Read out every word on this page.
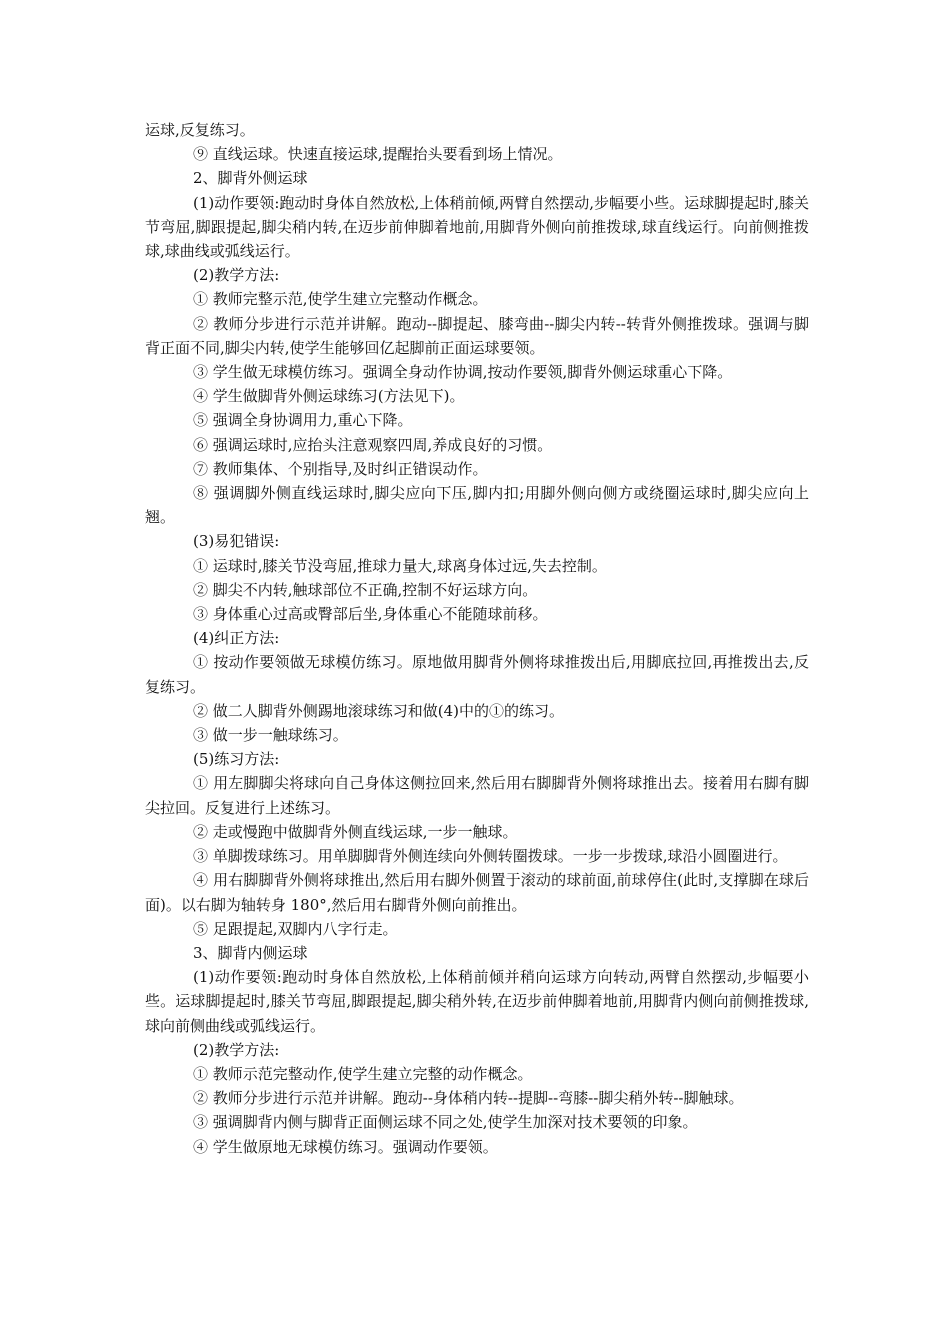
运球,反复练习。

⑨ 直线运球。快速直接运球,提醒抬头要看到场上情况。

2、脚背外侧运球

(1)动作要领:跑动时身体自然放松,上体稍前倾,两臂自然摆动,步幅要小些。运球脚提起时,膝关节弯屈,脚跟提起,脚尖稍内转,在迈步前伸脚着地前,用脚背外侧向前推拨球,球直线运行。向前侧推拨球,球曲线或弧线运行。

(2)教学方法:

① 教师完整示范,使学生建立完整动作概念。

② 教师分步进行示范并讲解。跑动--脚提起、膝弯曲--脚尖内转--转背外侧推拨球。强调与脚背正面不同,脚尖内转,使学生能够回亿起脚前正面运球要领。

③ 学生做无球模仿练习。强调全身动作协调,按动作要领,脚背外侧运球重心下降。

④ 学生做脚背外侧运球练习(方法见下)。

⑤ 强调全身协调用力,重心下降。

⑥ 强调运球时,应抬头注意观察四周,养成良好的习惯。

⑦ 教师集体、个别指导,及时纠正错误动作。

⑧ 强调脚外侧直线运球时,脚尖应向下压,脚内扣;用脚外侧向侧方或绕圈运球时,脚尖应向上翘。

(3)易犯错误:

① 运球时,膝关节没弯屈,推球力量大,球离身体过远,失去控制。

② 脚尖不内转,触球部位不正确,控制不好运球方向。

③ 身体重心过高或臀部后坐,身体重心不能随球前移。

(4)纠正方法:

① 按动作要领做无球模仿练习。原地做用脚背外侧将球推拨出后,用脚底拉回,再推拨出去,反复练习。

② 做二人脚背外侧踢地滚球练习和做(4)中的①的练习。

③ 做一步一触球练习。

(5)练习方法:

① 用左脚脚尖将球向自己身体这侧拉回来,然后用右脚脚背外侧将球推出去。接着用右脚有脚尖拉回。反复进行上述练习。

② 走或慢跑中做脚背外侧直线运球,一步一触球。

③ 单脚拨球练习。用单脚脚背外侧连续向外侧转圈拨球。一步一步拨球,球沿小圆圈进行。

④ 用右脚脚背外侧将球推出,然后用右脚外侧置于滚动的球前面,前球停住(此时,支撑脚在球后面)。以右脚为轴转身 180°,然后用右脚背外侧向前推出。

⑤ 足跟提起,双脚内八字行走。

3、脚背内侧运球

(1)动作要领:跑动时身体自然放松,上体稍前倾并稍向运球方向转动,两臂自然摆动,步幅要小些。运球脚提起时,膝关节弯屈,脚跟提起,脚尖稍外转,在迈步前伸脚着地前,用脚背内侧向前侧推拨球,球向前侧曲线或弧线运行。

(2)教学方法:

① 教师示范完整动作,使学生建立完整的动作概念。

② 教师分步进行示范并讲解。跑动--身体稍内转--提脚--弯膝--脚尖稍外转--脚触球。

③ 强调脚背内侧与脚背正面侧运球不同之处,使学生加深对技术要领的印象。

④ 学生做原地无球模仿练习。强调动作要领。
